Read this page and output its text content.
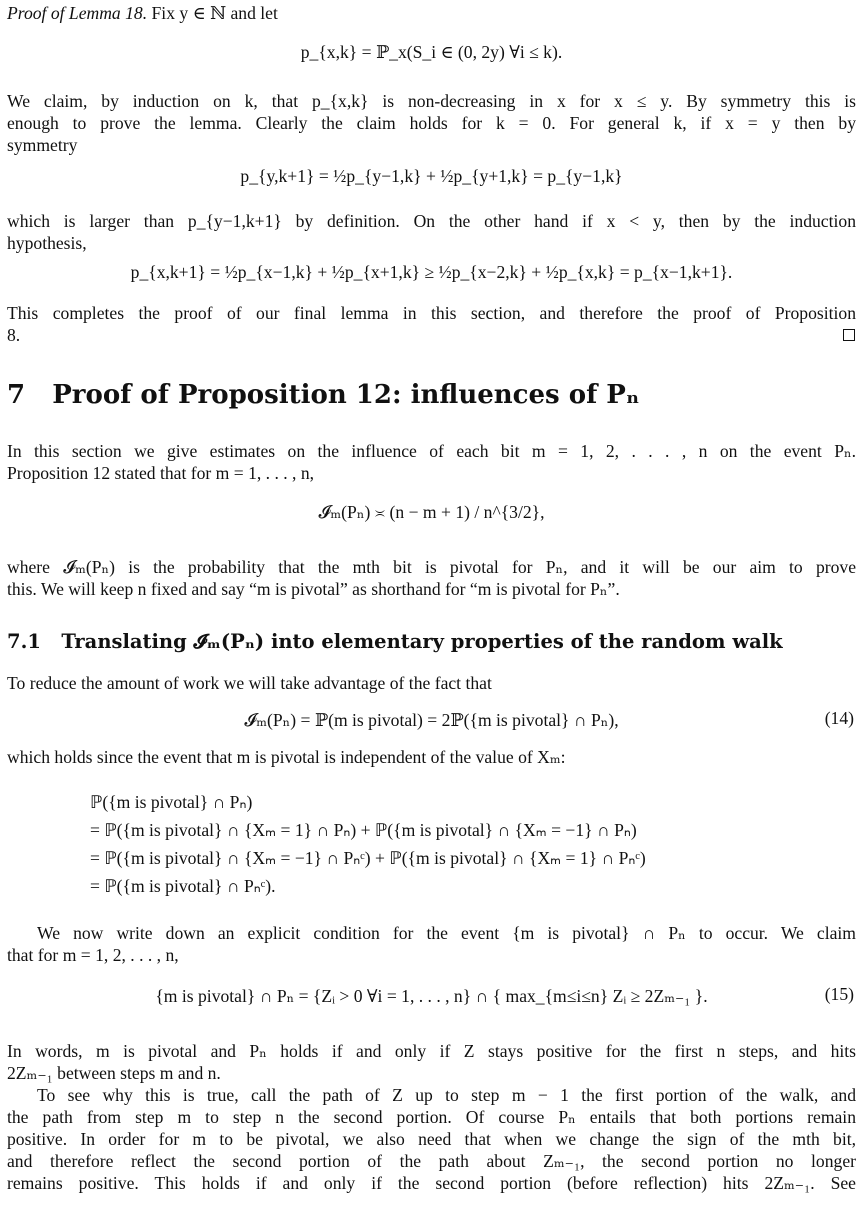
Proof of Lemma 18. Fix y ∈ ℕ and let
p_{x,k} = ℙ_x(S_i ∈ (0, 2y) ∀i ≤ k).
We claim, by induction on k, that p_{x,k} is non-decreasing in x for x ≤ y. By symmetry this is
enough to prove the lemma. Clearly the claim holds for k = 0. For general k, if x = y then by
symmetry
p_{y,k+1} = ½p_{y−1,k} + ½p_{y+1,k} = p_{y−1,k}
which is larger than p_{y−1,k+1} by definition. On the other hand if x < y, then by the induction
hypothesis,
p_{x,k+1} = ½p_{x−1,k} + ½p_{x+1,k} ≥ ½p_{x−2,k} + ½p_{x,k} = p_{x−1,k+1}.
This completes the proof of our final lemma in this section, and therefore the proof of Proposition
8.
7 Proof of Proposition 12: influences of Pₙ
In this section we give estimates on the influence of each bit m = 1, 2, . . . , n on the event Pₙ.
Proposition 12 stated that for m = 1, . . . , n,
𝓘ₘ(Pₙ) ≍ (n − m + 1) / n^{3/2},
where 𝓘ₘ(Pₙ) is the probability that the mth bit is pivotal for Pₙ, and it will be our aim to prove
this. We will keep n fixed and say “m is pivotal” as shorthand for “m is pivotal for Pₙ”.
7.1 Translating 𝓘ₘ(Pₙ) into elementary properties of the random walk
To reduce the amount of work we will take advantage of the fact that
𝓘ₘ(Pₙ) = ℙ(m is pivotal) = 2ℙ({m is pivotal} ∩ Pₙ),	(14)
which holds since the event that m is pivotal is independent of the value of Xₘ:
ℙ({m is pivotal} ∩ Pₙ)
= ℙ({m is pivotal} ∩ {Xₘ = 1} ∩ Pₙ) + ℙ({m is pivotal} ∩ {Xₘ = −1} ∩ Pₙ)
= ℙ({m is pivotal} ∩ {Xₘ = −1} ∩ Pₙᶜ) + ℙ({m is pivotal} ∩ {Xₘ = 1} ∩ Pₙᶜ)
= ℙ({m is pivotal} ∩ Pₙᶜ).
We now write down an explicit condition for the event {m is pivotal} ∩ Pₙ to occur. We claim
that for m = 1, 2, . . . , n,
{m is pivotal} ∩ Pₙ = {Zᵢ > 0 ∀i = 1, . . . , n} ∩ { max_{m≤i≤n} Zᵢ ≥ 2Zₘ₋₁ }.	(15)
In words, m is pivotal and Pₙ holds if and only if Z stays positive for the first n steps, and hits
2Zₘ₋₁ between steps m and n.
To see why this is true, call the path of Z up to step m − 1 the first portion of the walk, and
the path from step m to step n the second portion. Of course Pₙ entails that both portions remain
positive. In order for m to be pivotal, we also need that when we change the sign of the mth bit,
and therefore reflect the second portion of the path about Zₘ₋₁, the second portion no longer
remains positive. This holds if and only if the second portion (before reflection) hits 2Zₘ₋₁. See
